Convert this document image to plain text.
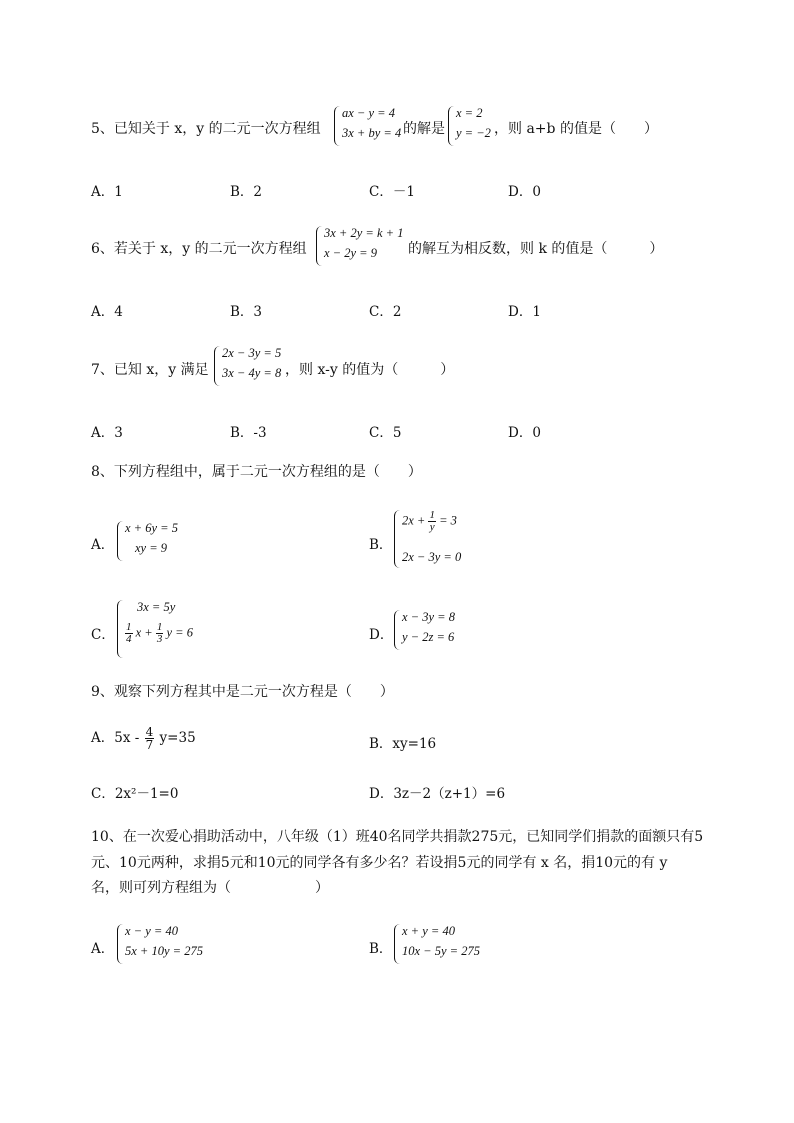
5、已知关于 x，y 的二元一次方程组
ax − y = 4
3x + by = 4 的解是
x = 2
y = −2 ，则 a+b 的值是（　　）
A．1	B．2	C．－1	D．0
6、若关于 x，y 的二元一次方程组
3x + 2y = k + 1
x − 2y = 9 的解互为相反数，则 k 的值是（　　　）
A．4	B．3	C．2	D．1
7、已知 x，y 满足
2x − 3y = 5
3x − 4y = 8 ，则 x-y 的值为（　　　）
A．3	B．-3	C．5	D．0
8、下列方程组中，属于二元一次方程组的是（　　）
A．
x + 6y = 5
xy = 9	B．
$2x + \frac{1}{y} = 3$
2x − 3y = 0
C．
3x = 5y
$\frac{1}{4}$ $x + \frac{1}{3}$ y = 6	D．
x − 3y = 8
y − 2z = 6
9、观察下列方程其中是二元一次方程是（　　）
A．$5x - \frac{4}{7} y=35$	B．xy=16
C．2x²－1=0	D．3z－2（z+1）=6
10、在一次爱心捐助活动中，八年级（1）班40名同学共捐款275元，已知同学们捐款的面额只有5
元、10元两种，求捐5元和10元的同学各有多少名？若设捐5元的同学有 x 名，捐10元的有 y
名，则可列方程组为（　　　　　　）
A．
x − y = 40
5x + 10y = 275	B．
x + y = 40
10x − 5y = 275
